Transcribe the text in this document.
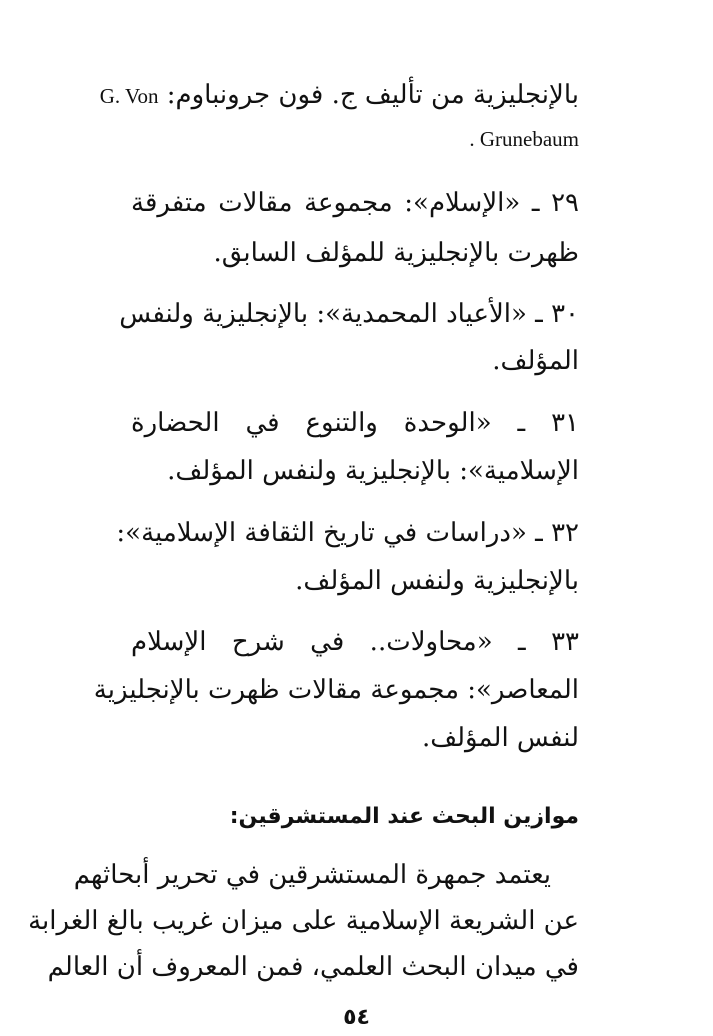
بالإنجليزية من تأليف ج. فون جرونباوم: G. Von
. Grunebaum
٢٩ ـ «الإسلام»: مجموعة مقالات متفرقة
ظهرت بالإنجليزية للمؤلف السابق.
٣٠ ـ «الأعياد المحمدية»: بالإنجليزية ولنفس
المؤلف.
٣١ ـ «الوحدة والتنوع في الحضارة
الإسلامية»: بالإنجليزية ولنفس المؤلف.
٣٢ ـ «دراسات في تاريخ الثقافة الإسلامية»:
بالإنجليزية ولنفس المؤلف.
٣٣ ـ «محاولات.. في شرح الإسلام
المعاصر»: مجموعة مقالات ظهرت بالإنجليزية
لنفس المؤلف.
موازين البحث عند المستشرقين:
يعتمد جمهرة المستشرقين في تحرير أبحاثهم
عن الشريعة الإسلامية على ميزان غريب بالغ الغرابة
في ميدان البحث العلمي، فمن المعروف أن العالم
٥٤
